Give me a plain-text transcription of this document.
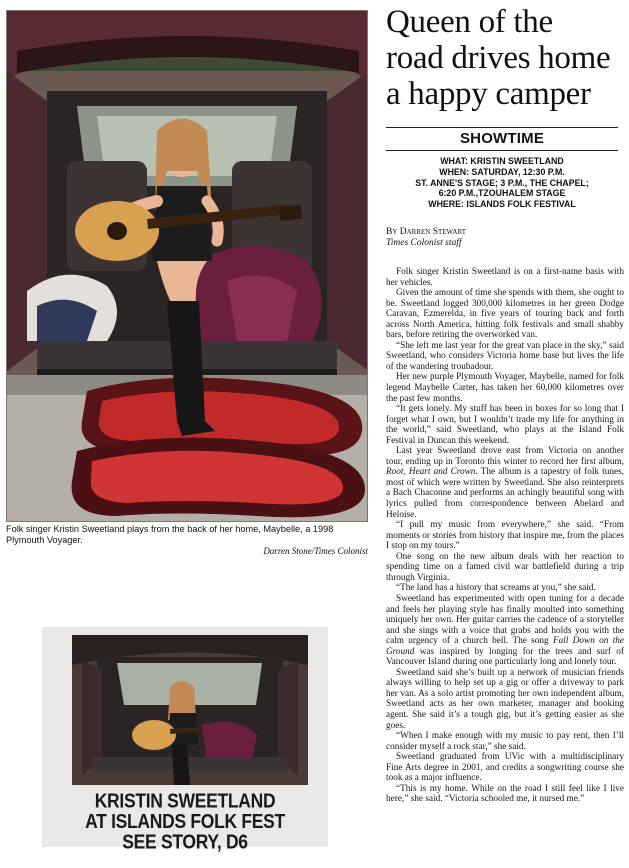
Folk singer Kristin Sweetland plays from the back of her home, Maybelle, a 1998 Plymouth Voyager.
Darren Stone/Times Colonist
KRISTIN SWEETLAND
AT ISLANDS FOLK FEST
SEE STORY, D6
Queen of the
road drives home
a happy camper
SHOWTIME
WHAT: KRISTIN SWEETLAND
WHEN: SATURDAY, 12:30 P.M.
ST. ANNE'S STAGE; 3 P.M., THE CHAPEL;
6:20 P.M.,TZOUHALEM STAGE
WHERE: ISLANDS FOLK FESTIVAL
By Darren Stewart
Times Colonist staff

Folk singer Kristin Sweetland is on a first-name basis with her vehicles.

Given the amount of time she spends with them, she ought to be. Sweetland logged 300,000 kilometres in her green Dodge Caravan, Ezmerelda, in five years of touring back and forth across North America, hitting folk festivals and small shabby bars, before retiring the overworked van.

“She left me last year for the great van place in the sky,” said Sweetland, who considers Victoria home base but lives the life of the wandering troubadour.

Her new purple Plymouth Voyager, Maybelle, named for folk legend Maybelle Carter, has taken her 60,000 kilometres over the past few months.

“It gets lonely. My stuff has been in boxes for so long that I forget what I own, but I wouldn’t trade my life for anything in the world,” said Sweetland, who plays at the Island Folk Festival in Duncan this weekend.

Last year Sweetland drove east from Victoria on another tour, ending up in Toronto this winter to record her first album, Root, Heart and Crown. The album is a tapestry of folk tunes, most of which were written by Sweetland. She also reinterprets a Bach Chaconne and performs an achingly beautiful song with lyrics pulled from correspondence between Abelard and Heloise.

“I pull my music from everywhere,” she said. “From moments or stories from history that inspire me, from the places I stop on my tours.”

One song on the new album deals with her reaction to spending time on a famed civil war battlefield during a trip through Virginia.

“The land has a history that screams at you,” she said.

Sweetland has experimented with open tuning for a decade and feels her playing style has finally moulted into something uniquely her own. Her guitar carries the cadence of a storyteller and she sings with a voice that grabs and holds you with the calm urgency of a church bell. The song Fall Down on the Ground was inspired by longing for the trees and surf of Vancouver Island during one particularly long and lonely tour.

Sweetland said she’s built up a network of musician friends always willing to help set up a gig or offer a driveway to park her van. As a solo artist promoting her own independent album, Sweetland acts as her own marketer, manager and booking agent. She said it’s a tough gig, but it’s getting easier as she goes.

“When I make enough with my music to pay rent, then I’ll consider myself a rock star,” she said.

Sweetland graduated from UVic with a multidisciplinary Fine Arts degree in 2001, and credits a songwriting course she took as a major influence.

“This is my home. While on the road I still feel like I live here,” she said. “Victoria schooled me, it nursed me.”
